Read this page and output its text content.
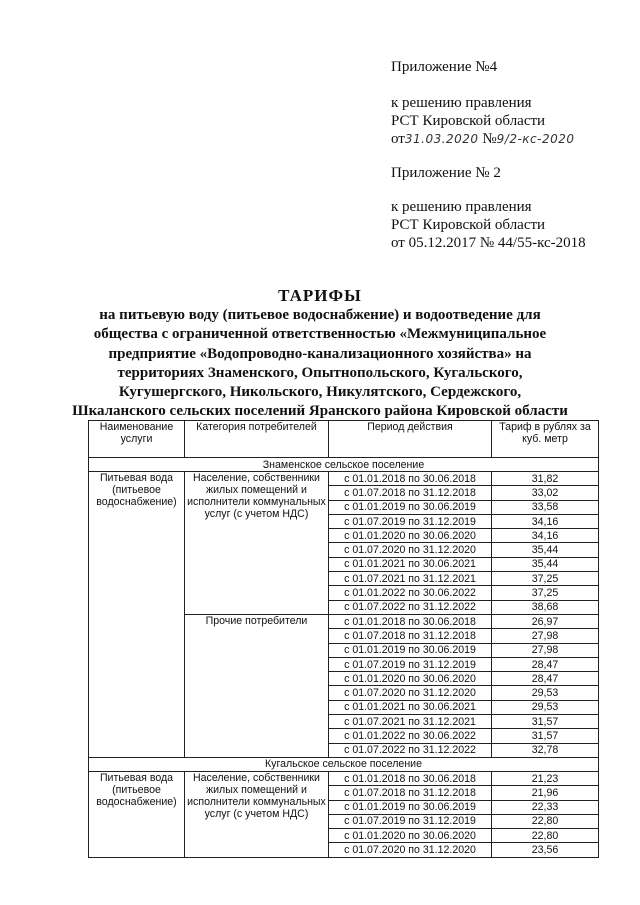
Приложение №4
к решению правления
РСТ Кировской области
от31.03.2020 №9/2-кс-2020
Приложение № 2
к решению правления
РСТ Кировской области
от 05.12.2017 № 44/55-кс-2018
ТАРИФЫ
на питьевую воду (питьевое водоснабжение) и водоотведение для
общества с ограниченной ответственностью «Межмуниципальное
предприятие «Водопроводно-канализационного хозяйства» на
территориях Знаменского, Опытнопольского, Кугальского,
Кугушергского, Никольского, Никулятского, Сердежского,
Шкаланского сельских поселений Яранского района Кировской области
Наименование услуги	Категория потребителей	Период действия	Тариф в рублях за куб. метр
Знаменское сельское поселение			
Питьевая вода (питьевое водоснабжение)	Население, собственники жилых помещений и исполнители коммунальных услуг (с учетом НДС)	с 01.01.2018 по 30.06.2018	31,82
		с 01.07.2018 по 31.12.2018	33,02
		с 01.01.2019 по 30.06.2019	33,58
		с 01.07.2019 по 31.12.2019	34,16
		с 01.01.2020 по 30.06.2020	34,16
		с 01.07.2020 по 31.12.2020	35,44
		с 01.01.2021 по 30.06.2021	35,44
		с 01.07.2021 по 31.12.2021	37,25
		с 01.01.2022 по 30.06.2022	37,25
		с 01.07.2022 по 31.12.2022	38,68
	Прочие потребители	с 01.01.2018 по 30.06.2018	26,97
		с 01.07.2018 по 31.12.2018	27,98
		с 01.01.2019 по 30.06.2019	27,98
		с 01.07.2019 по 31.12.2019	28,47
		с 01.01.2020 по 30.06.2020	28,47
		с 01.07.2020 по 31.12.2020	29,53
		с 01.01.2021 по 30.06.2021	29,53
		с 01.07.2021 по 31.12.2021	31,57
		с 01.01.2022 по 30.06.2022	31,57
		с 01.07.2022 по 31.12.2022	32,78
Кугальское сельское поселение			
Питьевая вода (питьевое водоснабжение)	Население, собственники жилых помещений и исполнители коммунальных услуг (с учетом НДС)	с 01.01.2018 по 30.06.2018	21,23
		с 01.07.2018 по 31.12.2018	21,96
		с 01.01.2019 по 30.06.2019	22,33
		с 01.07.2019 по 31.12.2019	22,80
		с 01.01.2020 по 30.06.2020	22,80
		с 01.07.2020 по 31.12.2020	23,56
